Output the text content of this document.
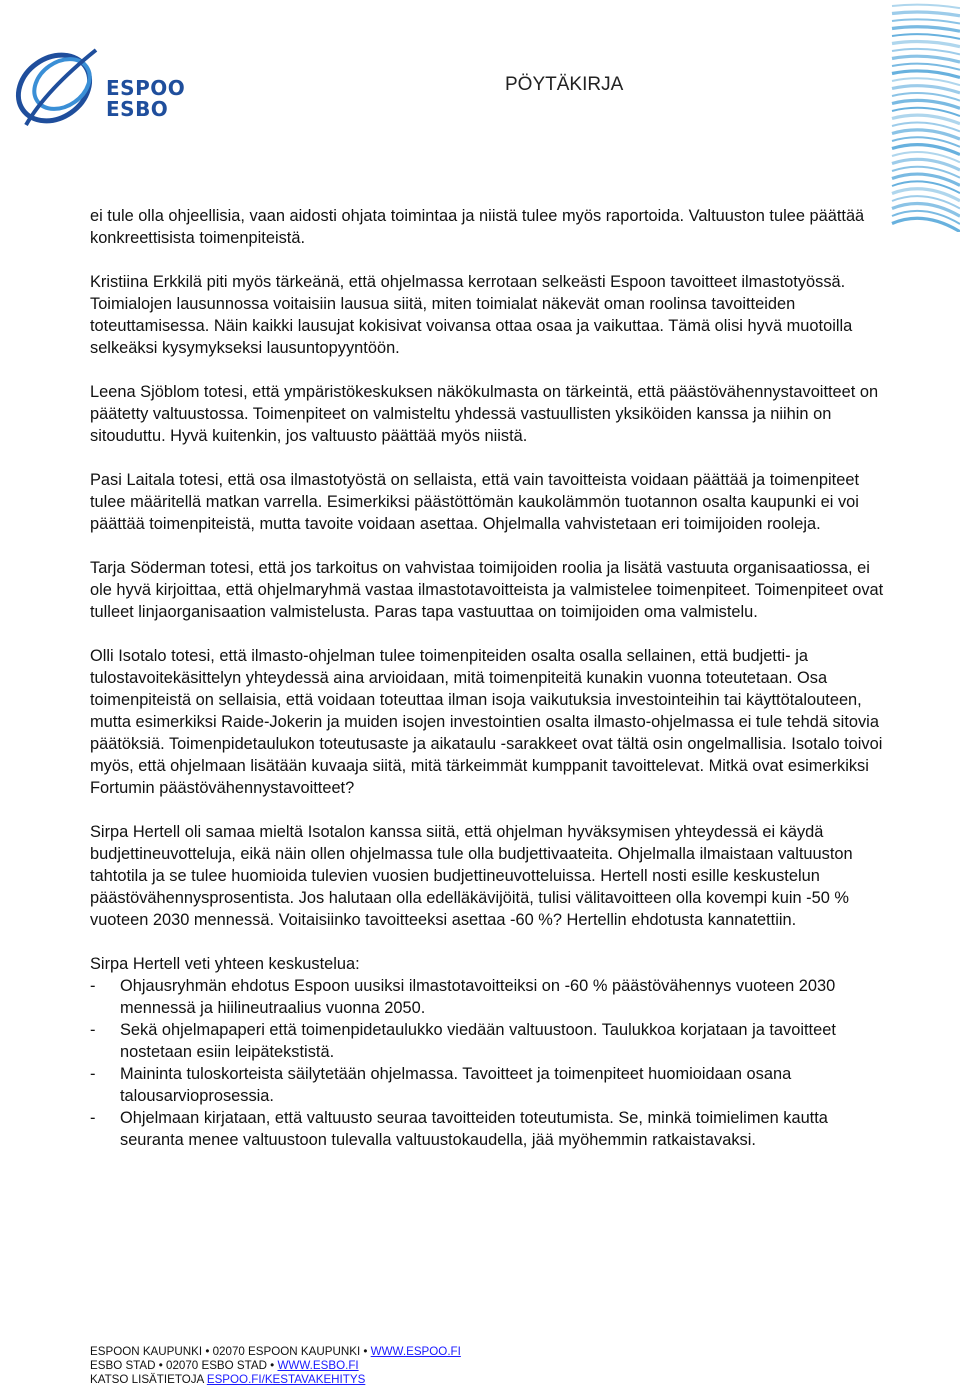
ESPOO
ESBO
PÖYTÄKIRJA

ei tule olla ohjeellisia, vaan aidosti ohjata toimintaa ja niistä tulee myös raportoida. Valtuuston tulee päättää konkreettisista toimenpiteistä.

Kristiina Erkkilä piti myös tärkeänä, että ohjelmassa kerrotaan selkeästi Espoon tavoitteet ilmastotyössä. Toimialojen lausunnossa voitaisiin lausua siitä, miten toimialat näkevät oman roolinsa tavoitteiden toteuttamisessa. Näin kaikki lausujat kokisivat voivansa ottaa osaa ja vaikuttaa. Tämä olisi hyvä muotoilla selkeäksi kysymykseksi lausuntopyyntöön.

Leena Sjöblom totesi, että ympäristökeskuksen näkökulmasta on tärkeintä, että päästövähennystavoitteet on päätetty valtuustossa. Toimenpiteet on valmisteltu yhdessä vastuullisten yksiköiden kanssa ja niihin on sitouduttu. Hyvä kuitenkin, jos valtuusto päättää myös niistä.

Pasi Laitala totesi, että osa ilmastotyöstä on sellaista, että vain tavoitteista voidaan päättää ja toimenpiteet tulee määritellä matkan varrella. Esimerkiksi päästöttömän kaukolämmön tuotannon osalta kaupunki ei voi päättää toimenpiteistä, mutta tavoite voidaan asettaa. Ohjelmalla vahvistetaan eri toimijoiden rooleja.

Tarja Söderman totesi, että jos tarkoitus on vahvistaa toimijoiden roolia ja lisätä vastuuta organisaatiossa, ei ole hyvä kirjoittaa, että ohjelmaryhmä vastaa ilmastotavoitteista ja valmistelee toimenpiteet. Toimenpiteet ovat tulleet linjaorganisaation valmistelusta. Paras tapa vastuuttaa on toimijoiden oma valmistelu.

Olli Isotalo totesi, että ilmasto-ohjelman tulee toimenpiteiden osalta osalla sellainen, että budjetti- ja tulostavoitekäsittelyn yhteydessä aina arvioidaan, mitä toimenpiteitä kunakin vuonna toteutetaan. Osa toimenpiteistä on sellaisia, että voidaan toteuttaa ilman isoja vaikutuksia investointeihin tai käyttötalouteen, mutta esimerkiksi Raide-Jokerin ja muiden isojen investointien osalta ilmasto-ohjelmassa ei tule tehdä sitovia päätöksiä. Toimenpidetaulukon toteutusaste ja aikataulu -sarakkeet ovat tältä osin ongelmallisia. Isotalo toivoi myös, että ohjelmaan lisätään kuvaaja siitä, mitä tärkeimmät kumppanit tavoittelevat. Mitkä ovat esimerkiksi Fortumin päästövähennystavoitteet?

Sirpa Hertell oli samaa mieltä Isotalon kanssa siitä, että ohjelman hyväksymisen yhteydessä ei käydä budjettineuvotteluja, eikä näin ollen ohjelmassa tule olla budjettivaateita. Ohjelmalla ilmaistaan valtuuston tahtotila ja se tulee huomioida tulevien vuosien budjettineuvotteluissa. Hertell nosti esille keskustelun päästövähennysprosentista. Jos halutaan olla edelläkävijöitä, tulisi välitavoitteen olla kovempi kuin -50 % vuoteen 2030 mennessä. Voitaisiinko tavoitteeksi asettaa -60 %? Hertellin ehdotusta kannatettiin.

Sirpa Hertell veti yhteen keskustelua:

- Ohjausryhmän ehdotus Espoon uusiksi ilmastotavoitteiksi on -60 % päästövähennys vuoteen 2030 mennessä ja hiilineutraalius vuonna 2050.
- Sekä ohjelmapaperi että toimenpidetaulukko viedään valtuustoon. Taulukkoa korjataan ja tavoitteet nostetaan esiin leipätekstistä.
- Maininta tuloskorteista säilytetään ohjelmassa. Tavoitteet ja toimenpiteet huomioidaan osana talousarvioprosessia.
- Ohjelmaan kirjataan, että valtuusto seuraa tavoitteiden toteutumista. Se, minkä toimielimen kautta seuranta menee valtuustoon tulevalla valtuustokaudella, jää myöhemmin ratkaistavaksi.
ESPOON KAUPUNKI • 02070 ESPOON KAUPUNKI • WWW.ESPOO.FI
ESBO STAD • 02070 ESBO STAD • WWW.ESBO.FI
KATSO LISÄTIETOJA ESPOO.FI/KESTAVAKEHITYS
